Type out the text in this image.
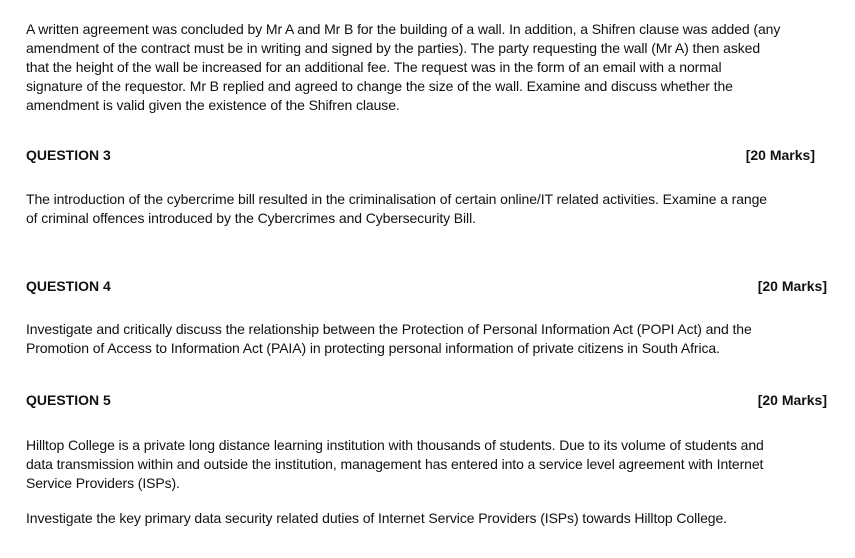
A written agreement was concluded by Mr A and Mr B for the building of a wall. In addition, a Shifren clause was added (any
amendment of the contract must be in writing and signed by the parties). The party requesting the wall (Mr A) then asked
that the height of the wall be increased for an additional fee. The request was in the form of an email with a normal
signature of the requestor. Mr B replied and agreed to change the size of the wall. Examine and discuss whether the
amendment is valid given the existence of the Shifren clause.

QUESTION 3	[20 Marks]

The introduction of the cybercrime bill resulted in the criminalisation of certain online/IT related activities. Examine a range
of criminal offences introduced by the Cybercrimes and Cybersecurity Bill.

QUESTION 4	[20 Marks]

Investigate and critically discuss the relationship between the Protection of Personal Information Act (POPI Act) and the
Promotion of Access to Information Act (PAIA) in protecting personal information of private citizens in South Africa.

QUESTION 5	[20 Marks]

Hilltop College is a private long distance learning institution with thousands of students. Due to its volume of students and
data transmission within and outside the institution, management has entered into a service level agreement with Internet
Service Providers (ISPs).

Investigate the key primary data security related duties of Internet Service Providers (ISPs) towards Hilltop College.
